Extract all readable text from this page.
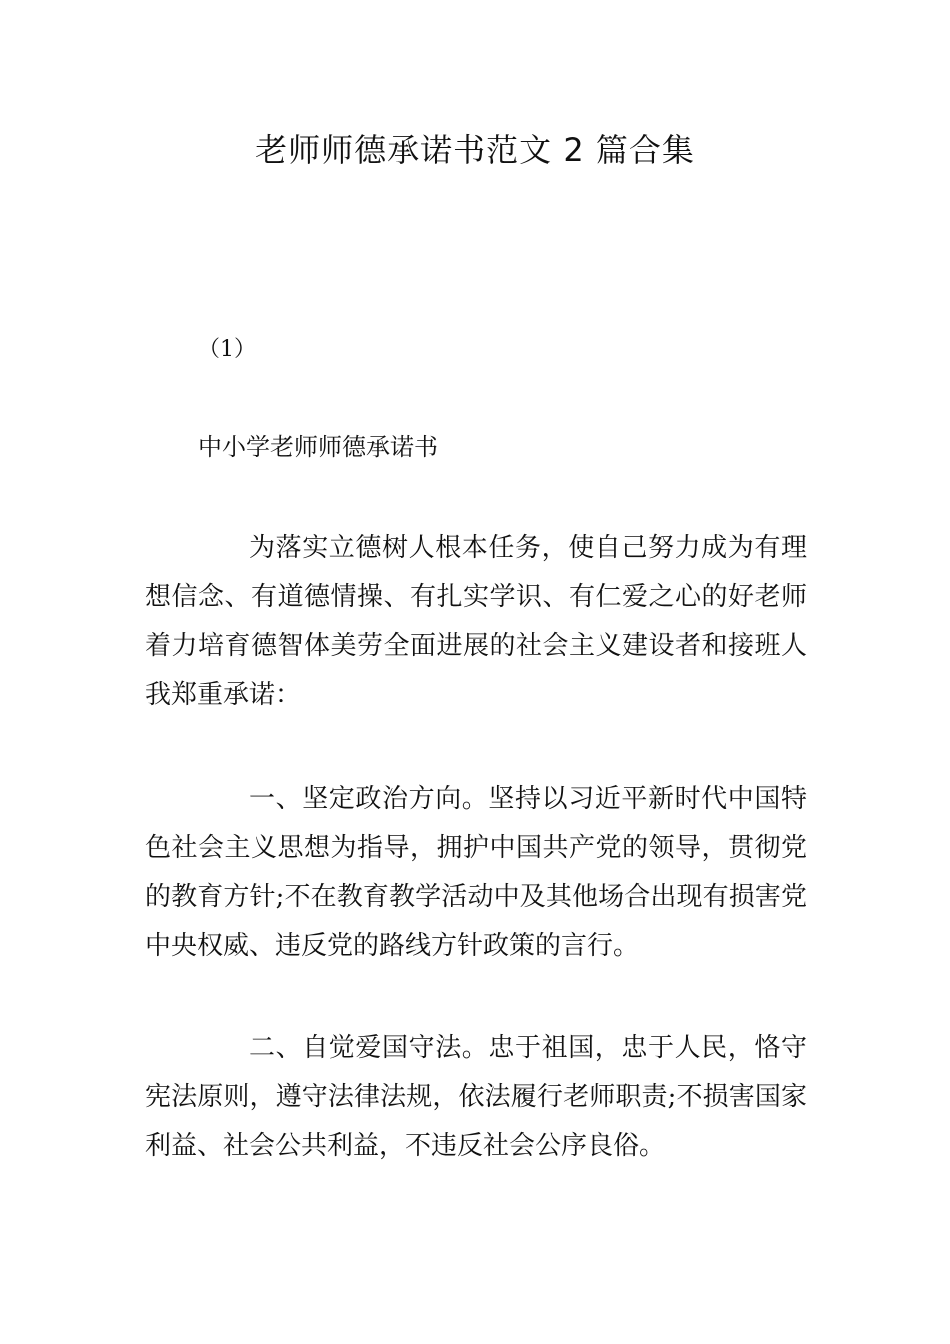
老师师德承诺书范文 2 篇合集
（1）
中小学老师师德承诺书

为落实立德树人根本任务，使自己努力成为有理想信念、有道德情操、有扎实学识、有仁爱之心的好老师着力培育德智体美劳全面进展的社会主义建设者和接班人我郑重承诺：

一、坚定政治方向。坚持以习近平新时代中国特色社会主义思想为指导，拥护中国共产党的领导，贯彻党的教育方针;不在教育教学活动中及其他场合出现有损害党中央权威、违反党的路线方针政策的言行。

二、自觉爱国守法。忠于祖国，忠于人民，恪守宪法原则，遵守法律法规，依法履行老师职责;不损害国家利益、社会公共利益，不违反社会公序良俗。
